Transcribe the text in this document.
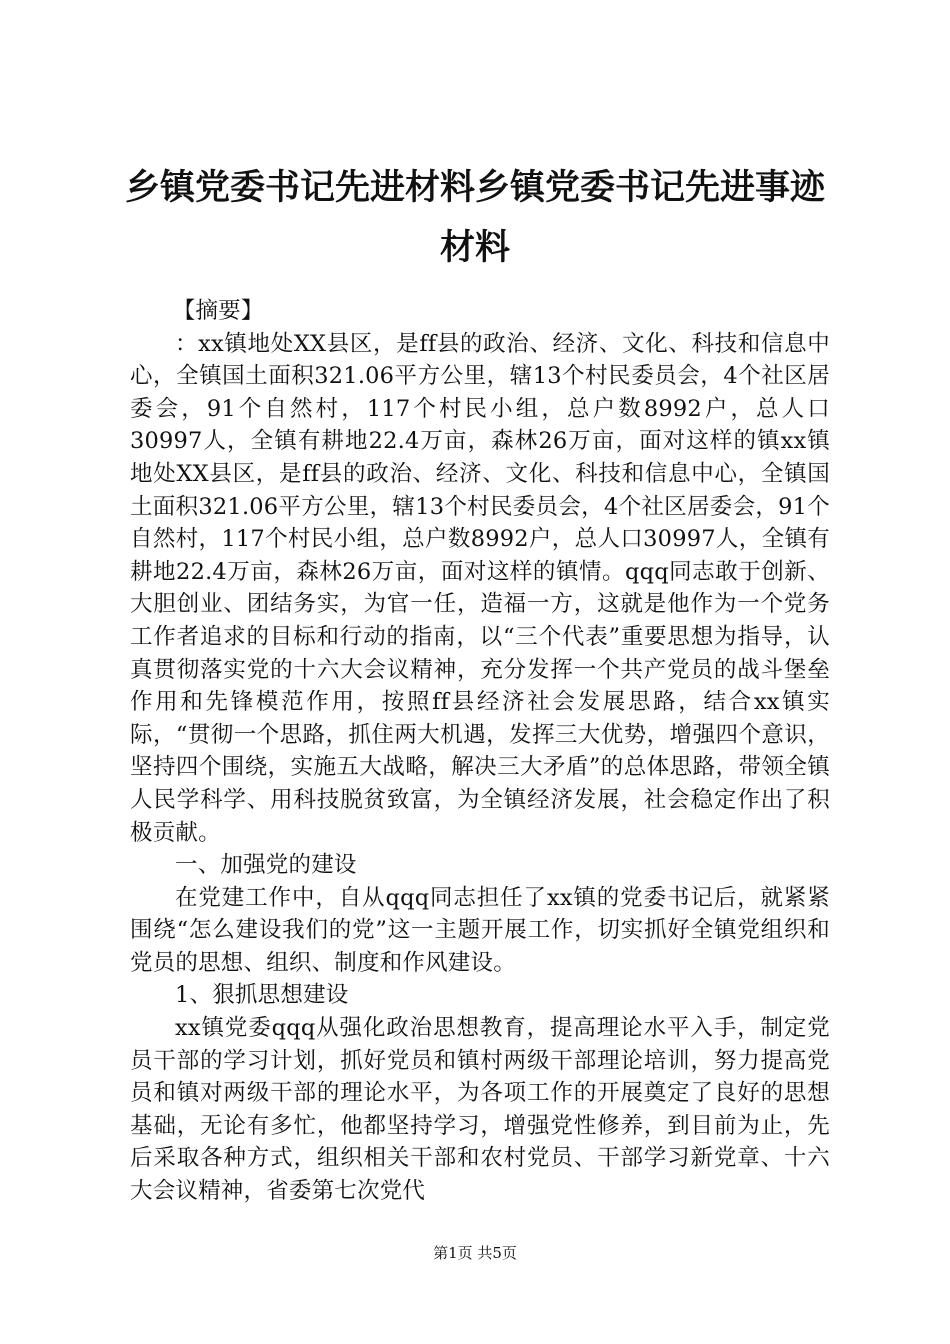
乡镇党委书记先进材料乡镇党委书记先进事迹材料

【摘要】

：xx镇地处XX县区，是ff县的政治、经济、文化、科技和信息中心，全镇国土面积321.06平方公里，辖13个村民委员会，4个社区居委会，91个自然村，117个村民小组，总户数8992户，总人口30997人，全镇有耕地22.4万亩，森林26万亩，面对这样的镇xx镇地处XX县区，是ff县的政治、经济、文化、科技和信息中心，全镇国土面积321.06平方公里，辖13个村民委员会，4个社区居委会，91个自然村，117个村民小组，总户数8992户，总人口30997人，全镇有耕地22.4万亩，森林26万亩，面对这样的镇情。qqq同志敢于创新、大胆创业、团结务实，为官一任，造福一方，这就是他作为一个党务工作者追求的目标和行动的指南，以“三个代表”重要思想为指导，认真贯彻落实党的十六大会议精神，充分发挥一个共产党员的战斗堡垒作用和先锋模范作用，按照ff县经济社会发展思路，结合xx镇实际，“贯彻一个思路，抓住两大机遇，发挥三大优势，增强四个意识，坚持四个围绕，实施五大战略，解决三大矛盾”的总体思路，带领全镇人民学科学、用科技脱贫致富，为全镇经济发展，社会稳定作出了积极贡献。

一、加强党的建设

在党建工作中，自从qqq同志担任了xx镇的党委书记后，就紧紧围绕“怎么建设我们的党”这一主题开展工作，切实抓好全镇党组织和党员的思想、组织、制度和作风建设。

1、狠抓思想建设

xx镇党委qqq从强化政治思想教育，提高理论水平入手，制定党员干部的学习计划，抓好党员和镇村两级干部理论培训，努力提高党员和镇对两级干部的理论水平，为各项工作的开展奠定了良好的思想基础，无论有多忙，他都坚持学习，增强党性修养，到目前为止，先后采取各种方式，组织相关干部和农村党员、干部学习新党章、十六大会议精神，省委第七次党代

第1页 共5页
